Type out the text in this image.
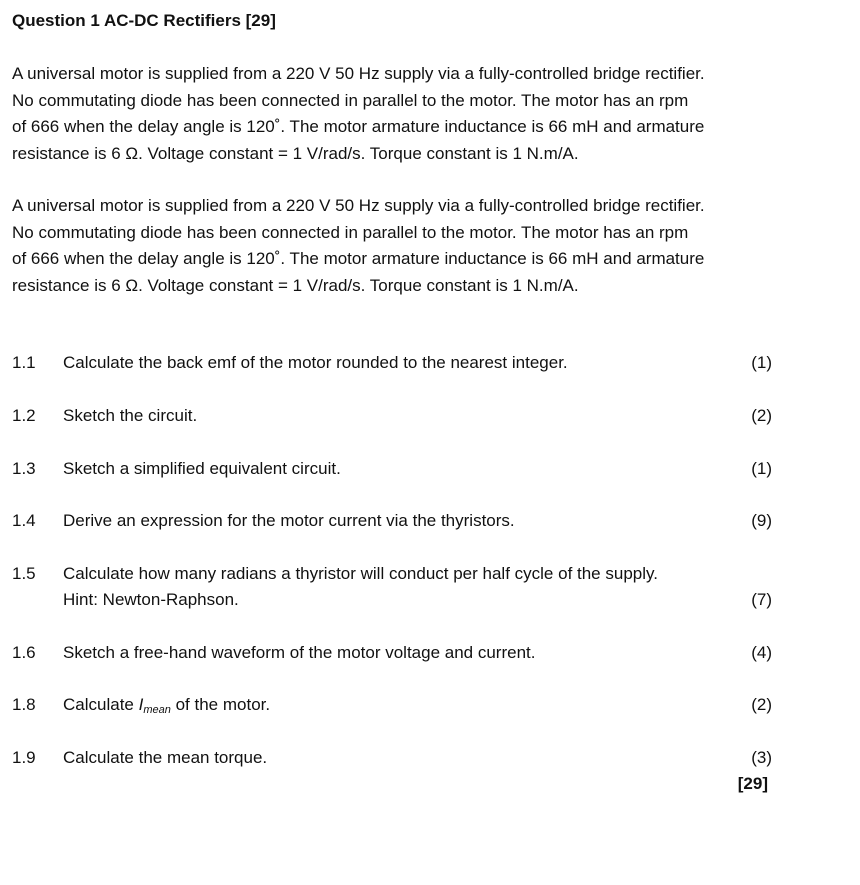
Question 1 AC-DC Rectifiers [29]
A universal motor is supplied from a 220 V 50 Hz supply via a fully-controlled bridge rectifier.
No commutating diode has been connected in parallel to the motor. The motor has an rpm
of 666 when the delay angle is 120˚. The motor armature inductance is 66 mH and armature
resistance is 6 Ω. Voltage constant = 1 V/rad/s. Torque constant is 1 N.m/A.
A universal motor is supplied from a 220 V 50 Hz supply via a fully-controlled bridge rectifier.
No commutating diode has been connected in parallel to the motor. The motor has an rpm
of 666 when the delay angle is 120˚. The motor armature inductance is 66 mH and armature
resistance is 6 Ω. Voltage constant = 1 V/rad/s. Torque constant is 1 N.m/A.
1.1 Calculate the back emf of the motor rounded to the nearest integer.	(1)
1.2 Sketch the circuit.	(2)
1.3 Sketch a simplified equivalent circuit.	(1)
1.4 Derive an expression for the motor current via the thyristors.	(9)
1.5 Calculate how many radians a thyristor will conduct per half cycle of the supply.
Hint: Newton-Raphson.	(7)
1.6 Sketch a free-hand waveform of the motor voltage and current.	(4)
1.8 Calculate $I_{mean}$ of the motor.	(2)
1.9 Calculate the mean torque.	(3)
[29]
